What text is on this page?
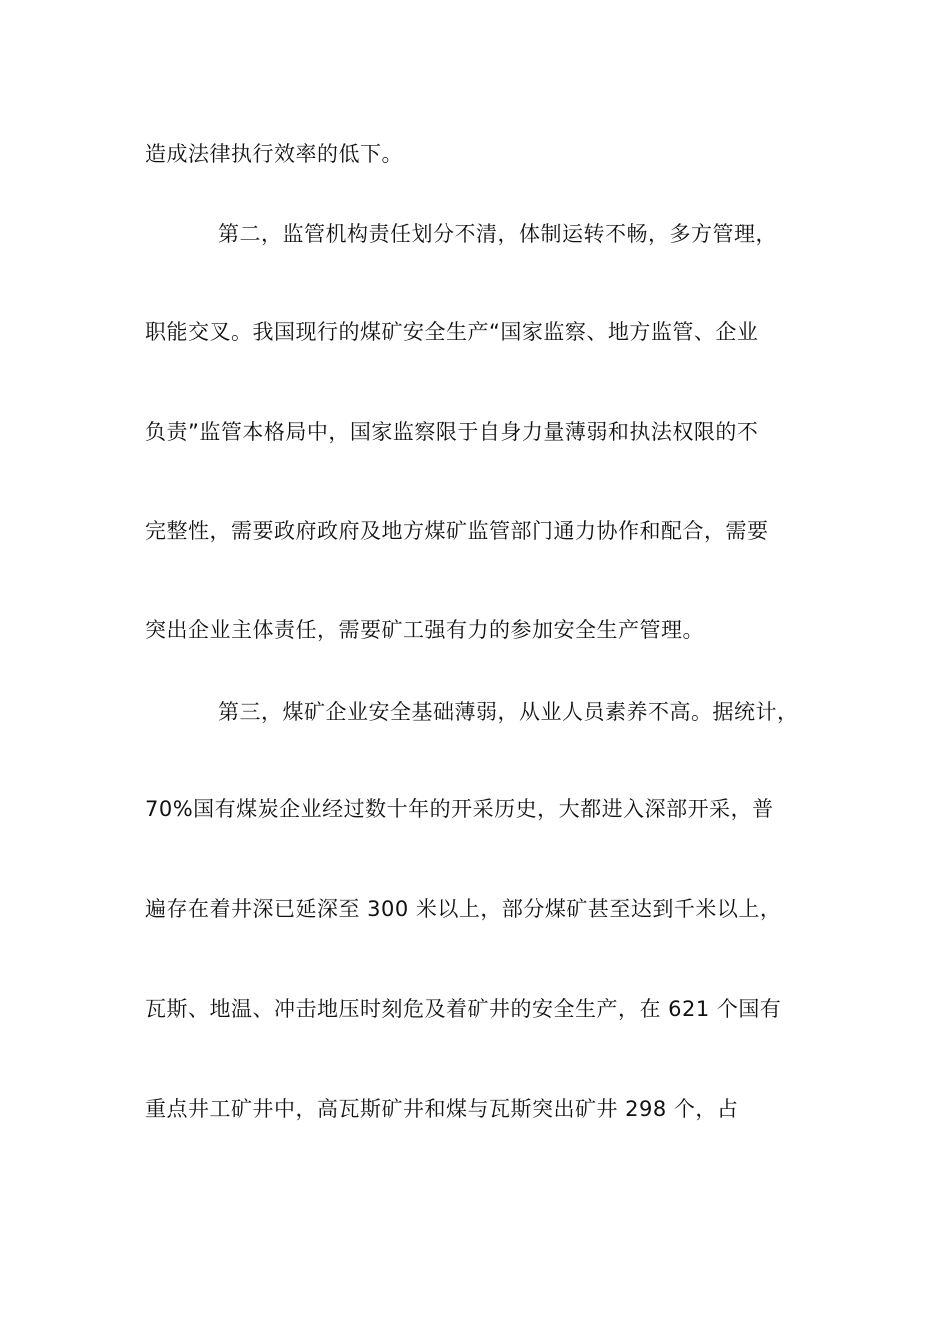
造成法律执行效率的低下。
第二，监管机构责任划分不清，体制运转不畅，多方管理，
职能交叉。我国现行的煤矿安全生产“国家监察、地方监管、企业
负责”监管本格局中，国家监察限于自身力量薄弱和执法权限的不
完整性，需要政府政府及地方煤矿监管部门通力协作和配合，需要
突出企业主体责任，需要矿工强有力的参加安全生产管理。
第三，煤矿企业安全基础薄弱，从业人员素养不高。据统计，
70%国有煤炭企业经过数十年的开采历史，大都进入深部开采，普
遍存在着井深已延深至 300 米以上，部分煤矿甚至达到千米以上，
瓦斯、地温、冲击地压时刻危及着矿井的安全生产，在 621 个国有
重点井工矿井中，高瓦斯矿井和煤与瓦斯突出矿井 298 个，占
